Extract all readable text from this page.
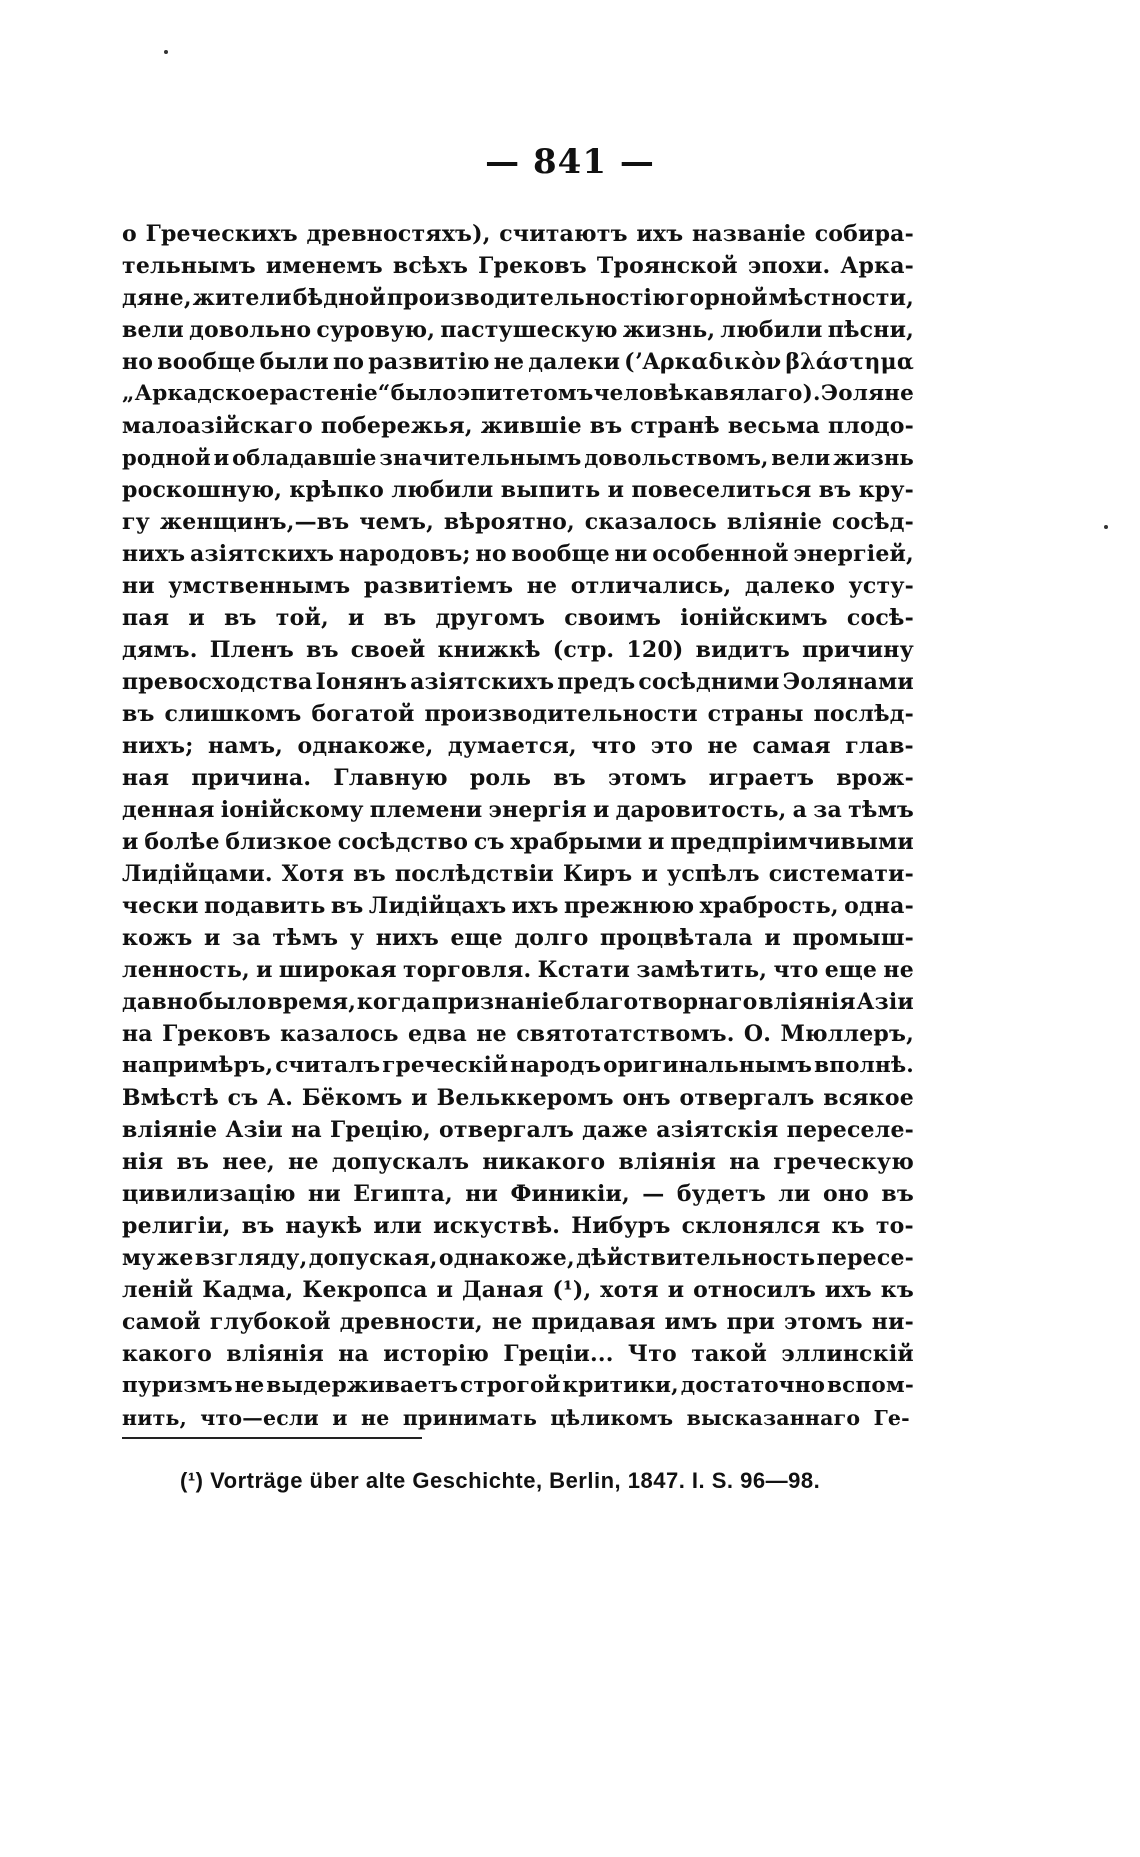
— 841 —
о Греческихъ древностяхъ), считаютъ ихъ названіе собира-
тельнымъ именемъ всѣхъ Грековъ Троянской эпохи. Арка-
дяне, жители бѣдной производительностію горной мѣстности,
вели довольно суровую, пастушескую жизнь, любили пѣсни,
но вообще были по развитію не далеки (ʼΑρκαδικὸν βλάστημα
„Аркадское растеніе“ было эпитетомъ человѣка вялаго). Эоляне
малоазійскаго побережья, жившіе въ странѣ весьма плодо-
родной и обладавшіе значительнымъ довольствомъ, вели жизнь
роскошную, крѣпко любили выпить и повеселиться въ кру-
гу женщинъ,—въ чемъ, вѣроятно, сказалось вліяніе сосѣд-
нихъ азіятскихъ народовъ; но вообще ни особенной энергіей,
ни умственнымъ развитіемъ не отличались, далеко усту-
пая и въ той, и въ другомъ своимъ іонійскимъ сосѣ-
дямъ. Пленъ въ своей книжкѣ (стр. 120) видитъ причину
превосходства Іонянъ азіятскихъ предъ сосѣдними Эолянами
въ слишкомъ богатой производительности страны послѣд-
нихъ; намъ, однакоже, думается, что это не самая глав-
ная причина. Главную роль въ этомъ играетъ врож-
денная іонійскому племени энергія и даровитость, а за тѣмъ
и болѣе близкое сосѣдство съ храбрыми и предпріимчивыми
Лидійцами. Хотя въ послѣдствіи Киръ и успѣлъ системати-
чески подавить въ Лидійцахъ ихъ прежнюю храбрость, одна-
кожъ и за тѣмъ у нихъ еще долго процвѣтала и промыш-
ленность, и широкая торговля. Кстати замѣтить, что еще не
давно было время, когда признаніе благотворнаго вліянія Азіи
на Грековъ казалось едва не святотатствомъ. О. Мюллеръ,
напримѣръ, считалъ греческій народъ оригинальнымъ вполнѣ.
Вмѣстѣ съ А. Бёкомъ и Вельккеромъ онъ отвергалъ всякое
вліяніе Азіи на Грецію, отвергалъ даже азіятскія переселе-
нія въ нее, не допускалъ никакого вліянія на греческую
цивилизацію ни Египта, ни Финикіи, — будетъ ли оно въ
религіи, въ наукѣ или искуствѣ. Нибуръ склонялся къ то-
му же взгляду, допуская, однакоже, дѣйствительность пересе-
леній Кадма, Кекропса и Даная (¹), хотя и относилъ ихъ къ
самой глубокой древности, не придавая имъ при этомъ ни-
какого вліянія на исторію Греціи... Что такой эллинскій
пуризмъ не выдерживаетъ строгой критики, достаточно вспом-
нить, что—если и не принимать цѣликомъ высказаннаго Ге-
(¹) Vorträge über alte Geschichte, Berlin, 1847. I. S. 96—98.
